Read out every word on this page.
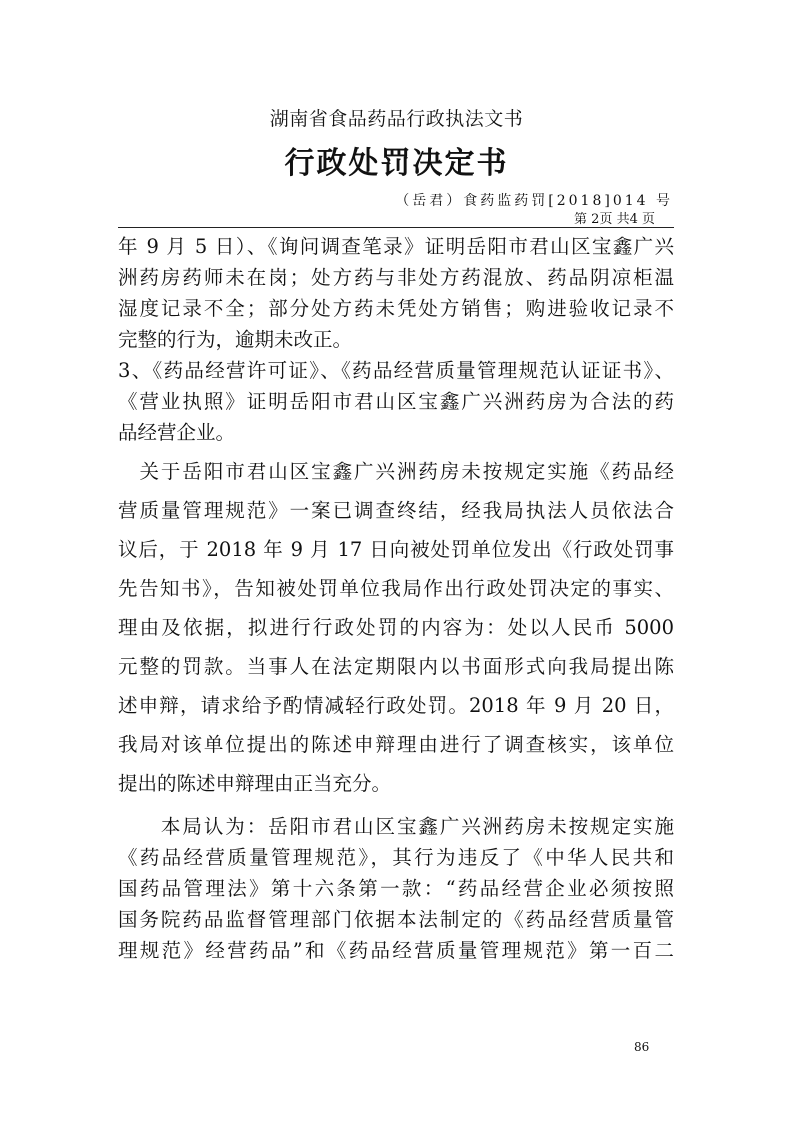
湖南省食品药品行政执法文书
行政处罚决定书
（岳君）食药监药罚[2018]014 号
第 2页 共4 页
年 9 月 5 日）、《询问调查笔录》证明岳阳市君山区宝鑫广兴
洲药房药师未在岗；处方药与非处方药混放、药品阴凉柜温
湿度记录不全；部分处方药未凭处方销售；购进验收记录不
完整的行为，逾期未改正。
3、《药品经营许可证》、《药品经营质量管理规范认证证书》、
《营业执照》证明岳阳市君山区宝鑫广兴洲药房为合法的药
品经营企业。
　关于岳阳市君山区宝鑫广兴洲药房未按规定实施《药品经
营质量管理规范》一案已调查终结，经我局执法人员依法合
议后，于 2018 年 9 月 17 日向被处罚单位发出《行政处罚事
先告知书》，告知被处罚单位我局作出行政处罚决定的事实、
理由及依据，拟进行行政处罚的内容为：处以人民币 5000
元整的罚款。当事人在法定期限内以书面形式向我局提出陈
述申辩，请求给予酌情减轻行政处罚。2018 年 9 月 20 日，
我局对该单位提出的陈述申辩理由进行了调查核实，该单位
提出的陈述申辩理由正当充分。
　　本局认为：岳阳市君山区宝鑫广兴洲药房未按规定实施
《药品经营质量管理规范》，其行为违反了《中华人民共和
国药品管理法》第十六条第一款：“药品经营企业必须按照
国务院药品监督管理部门依据本法制定的《药品经营质量管
理规范》经营药品”和《药品经营质量管理规范》第一百二
86
